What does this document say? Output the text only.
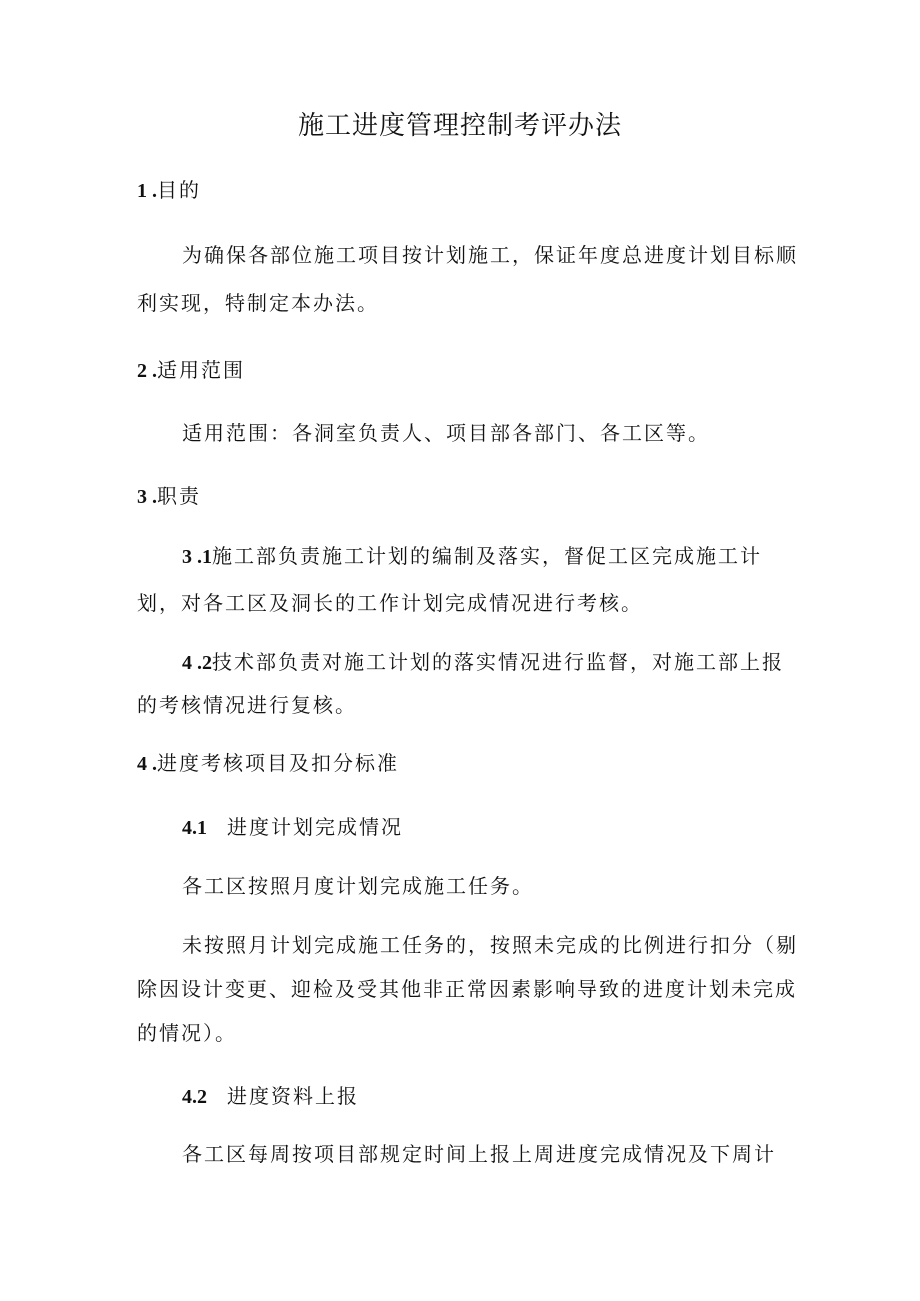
施工进度管理控制考评办法
1 .目的
为确保各部位施工项目按计划施工，保证年度总进度计划目标顺
利实现，特制定本办法。
2 .适用范围
适用范围：各洞室负责人、项目部各部门、各工区等。
3 .职责
3 .1施工部负责施工计划的编制及落实，督促工区完成施工计
划，对各工区及洞长的工作计划完成情况进行考核。
4 .2技术部负责对施工计划的落实情况进行监督，对施工部上报
的考核情况进行复核。
4 .进度考核项目及扣分标准
4.1 进度计划完成情况
各工区按照月度计划完成施工任务。
未按照月计划完成施工任务的，按照未完成的比例进行扣分（剔
除因设计变更、迎检及受其他非正常因素影响导致的进度计划未完成
的情况）。
4.2 进度资料上报
各工区每周按项目部规定时间上报上周进度完成情况及下周计
